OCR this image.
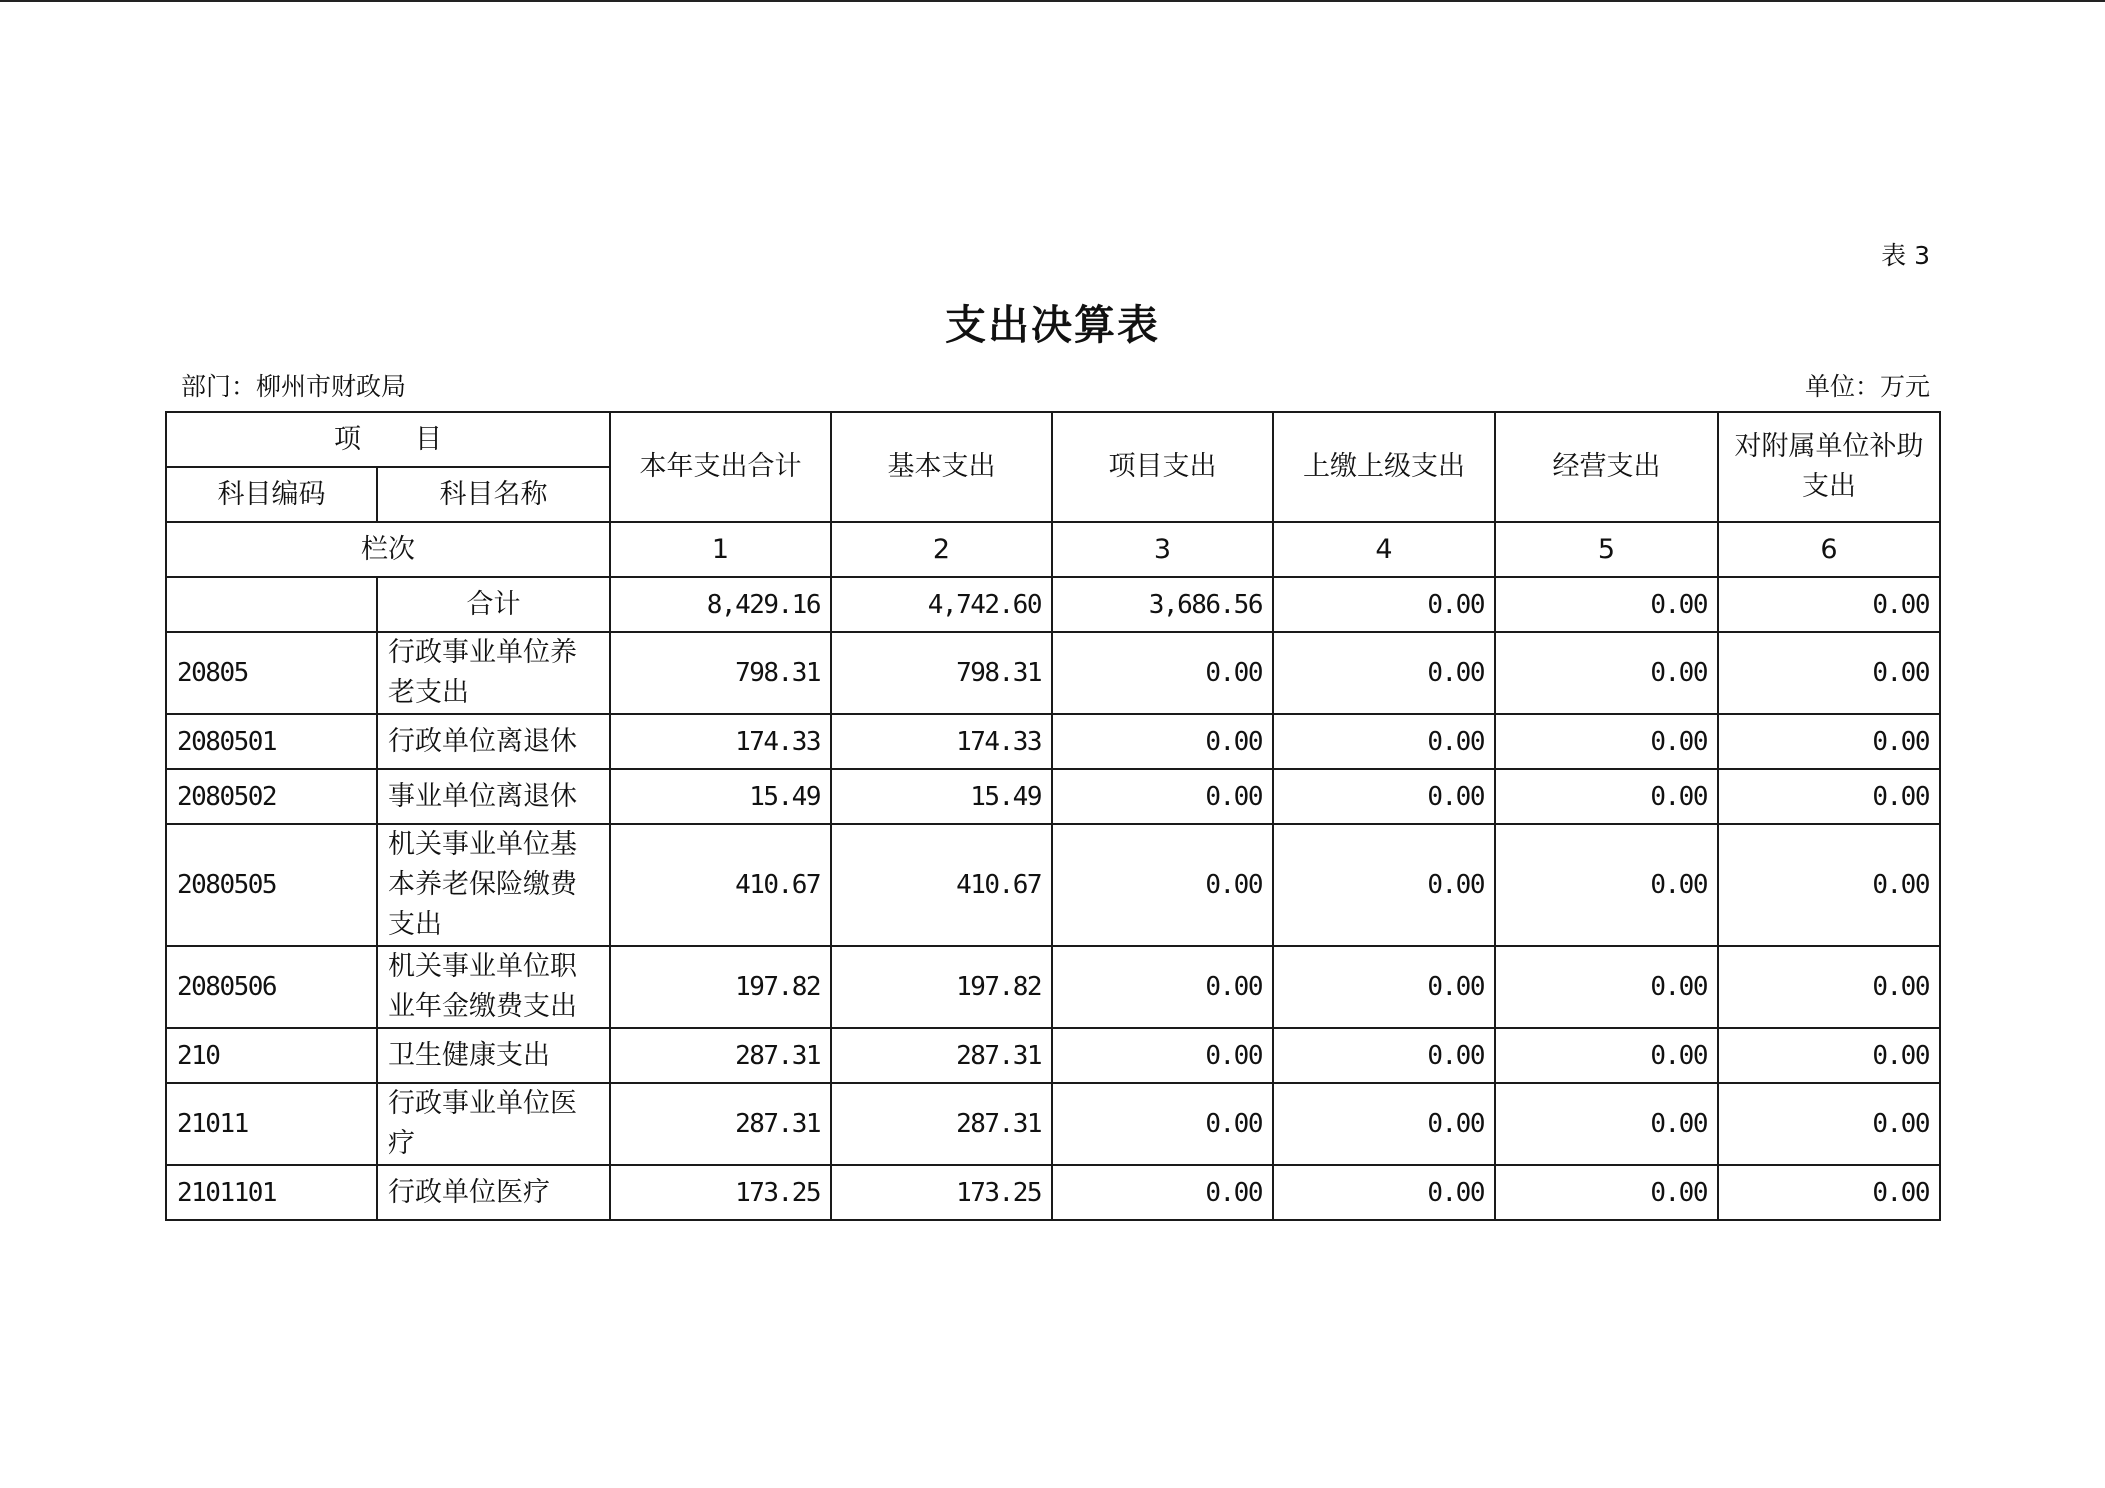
表 3
支出决算表
部门：柳州市财政局	单位：万元
项　　目		本年支出合计	基本支出	项目支出	上缴上级支出	经营支出	对附属单位补助支出
科目编码	科目名称						
栏次		1	2	3	4	5	6
	合计	8,429.16	4,742.60	3,686.56	0.00	0.00	0.00
20805	行政事业单位养老支出	798.31	798.31	0.00	0.00	0.00	0.00
2080501	行政单位离退休	174.33	174.33	0.00	0.00	0.00	0.00
2080502	事业单位离退休	15.49	15.49	0.00	0.00	0.00	0.00
2080505	机关事业单位基本养老保险缴费支出	410.67	410.67	0.00	0.00	0.00	0.00
2080506	机关事业单位职业年金缴费支出	197.82	197.82	0.00	0.00	0.00	0.00
210	卫生健康支出	287.31	287.31	0.00	0.00	0.00	0.00
21011	行政事业单位医疗	287.31	287.31	0.00	0.00	0.00	0.00
2101101	行政单位医疗	173.25	173.25	0.00	0.00	0.00	0.00
